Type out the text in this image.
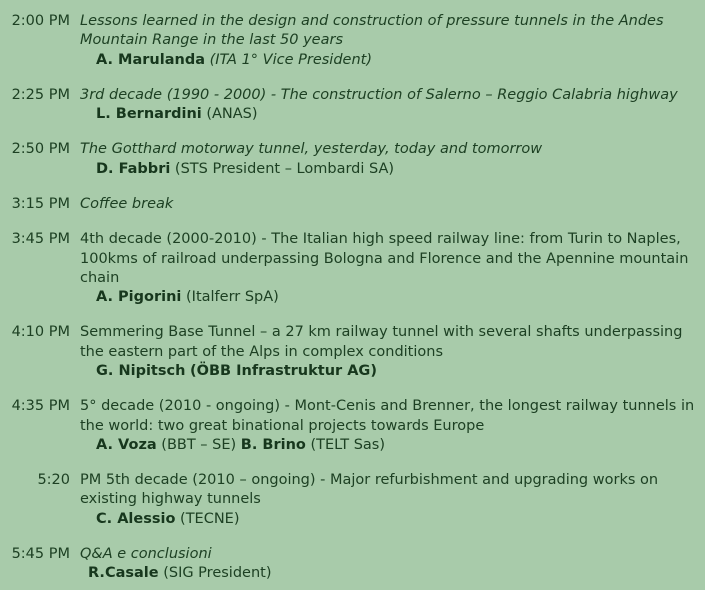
2:00 PM Lessons learned in the design and construction of pressure tunnels in the Andes Mountain Range in the last 50 years

A. Marulanda (ITA 1° Vice President)

2:25 PM 3rd decade (1990 - 2000) - The construction of Salerno – Reggio Calabria highway

L. Bernardini (ANAS)

2:50 PM The Gotthard motorway tunnel, yesterday, today and tomorrow

D. Fabbri (STS President – Lombardi SA)

3:15 PM Coffee break

3:45 PM 4th decade (2000-2010) - The Italian high speed railway line: from Turin to Naples, 100kms of railroad underpassing Bologna and Florence and the Apennine mountain chain

A. Pigorini (Italferr SpA)

4:10 PM Semmering Base Tunnel – a 27 km railway tunnel with several shafts underpassing the eastern part of the Alps in complex conditions

G. Nipitsch (ÖBB Infrastruktur AG)

4:35 PM 5° decade (2010 - ongoing) - Mont-Cenis and Brenner, the longest railway tunnels in the world: two great binational projects towards Europe

A. Voza (BBT – SE) B. Brino (TELT Sas)

5:20 PM 5th decade (2010 – ongoing) - Major refurbishment and upgrading works on existing highway tunnels

C. Alessio (TECNE)

5:45 PM Q&A e conclusioni

R.Casale (SIG President)
